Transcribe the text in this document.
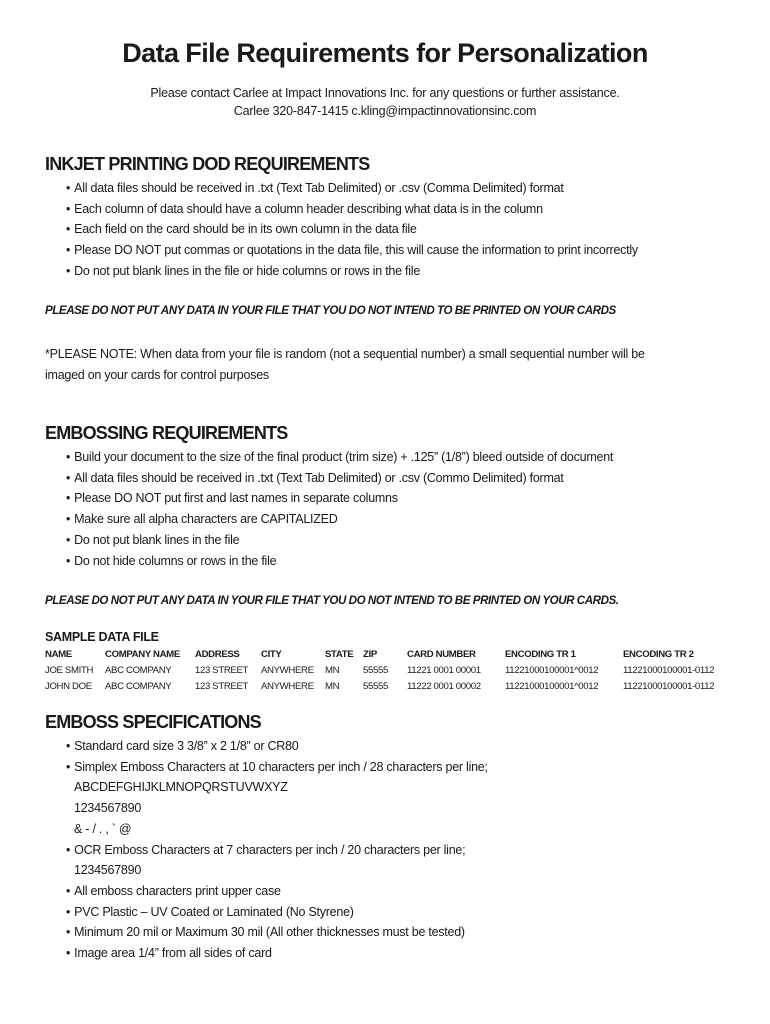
Data File Requirements for Personalization
Please contact Carlee at Impact Innovations Inc. for any questions or further assistance.
Carlee 320-847-1415 c.kling@impactinnovationsinc.com
INKJET PRINTING DOD REQUIREMENTS
• All data files should be received in .txt (Text Tab Delimited) or .csv (Comma Delimited) format
• Each column of data should have a column header describing what data is in the column
• Each field on the card should be in its own column in the data file
• Please DO NOT put commas or quotations in the data file, this will cause the information to print incorrectly
• Do not put blank lines in the file or hide columns or rows in the file
PLEASE DO NOT PUT ANY DATA IN YOUR FILE THAT YOU DO NOT INTEND TO BE PRINTED ON YOUR CARDS
*PLEASE NOTE: When data from your file is random (not a sequential number) a small sequential number will be
imaged on your cards for control purposes
EMBOSSING REQUIREMENTS
• Build your document to the size of the final product (trim size) + .125” (1/8”) bleed outside of document
• All data files should be received in .txt (Text Tab Delimited) or .csv (Commo Delimited) format
• Please DO NOT put first and last names in separate columns
• Make sure all alpha characters are CAPITALIZED
• Do not put blank lines in the file
• Do not hide columns or rows in the file
PLEASE DO NOT PUT ANY DATA IN YOUR FILE THAT YOU DO NOT INTEND TO BE PRINTED ON YOUR CARDS.
SAMPLE DATA FILE
NAME	COMPANY NAME	ADDRESS	CITY	STATE	ZIP	CARD NUMBER	ENCODING TR 1	ENCODING TR 2
JOE SMITH	ABC COMPANY	123 STREET	ANYWHERE	MN	55555	11221 0001 00001	11221000100001^0012	11221000100001-0112
JOHN DOE	ABC COMPANY	123 STREET	ANYWHERE	MN	55555	11222 0001 00002	11221000100001^0012	11221000100001-0112
EMBOSS SPECIFICATIONS
• Standard card size 3 3/8” x 2 1/8” or CR80
• Simplex Emboss Characters at 10 characters per inch / 28 characters per line;
ABCDEFGHIJKLMNOPQRSTUVWXYZ
1234567890
& - / . , ` @
• OCR Emboss Characters at 7 characters per inch / 20 characters per line;
1234567890
• All emboss characters print upper case
• PVC Plastic – UV Coated or Laminated (No Styrene)
• Minimum 20 mil or Maximum 30 mil (All other thicknesses must be tested)
• Image area 1/4” from all sides of card
